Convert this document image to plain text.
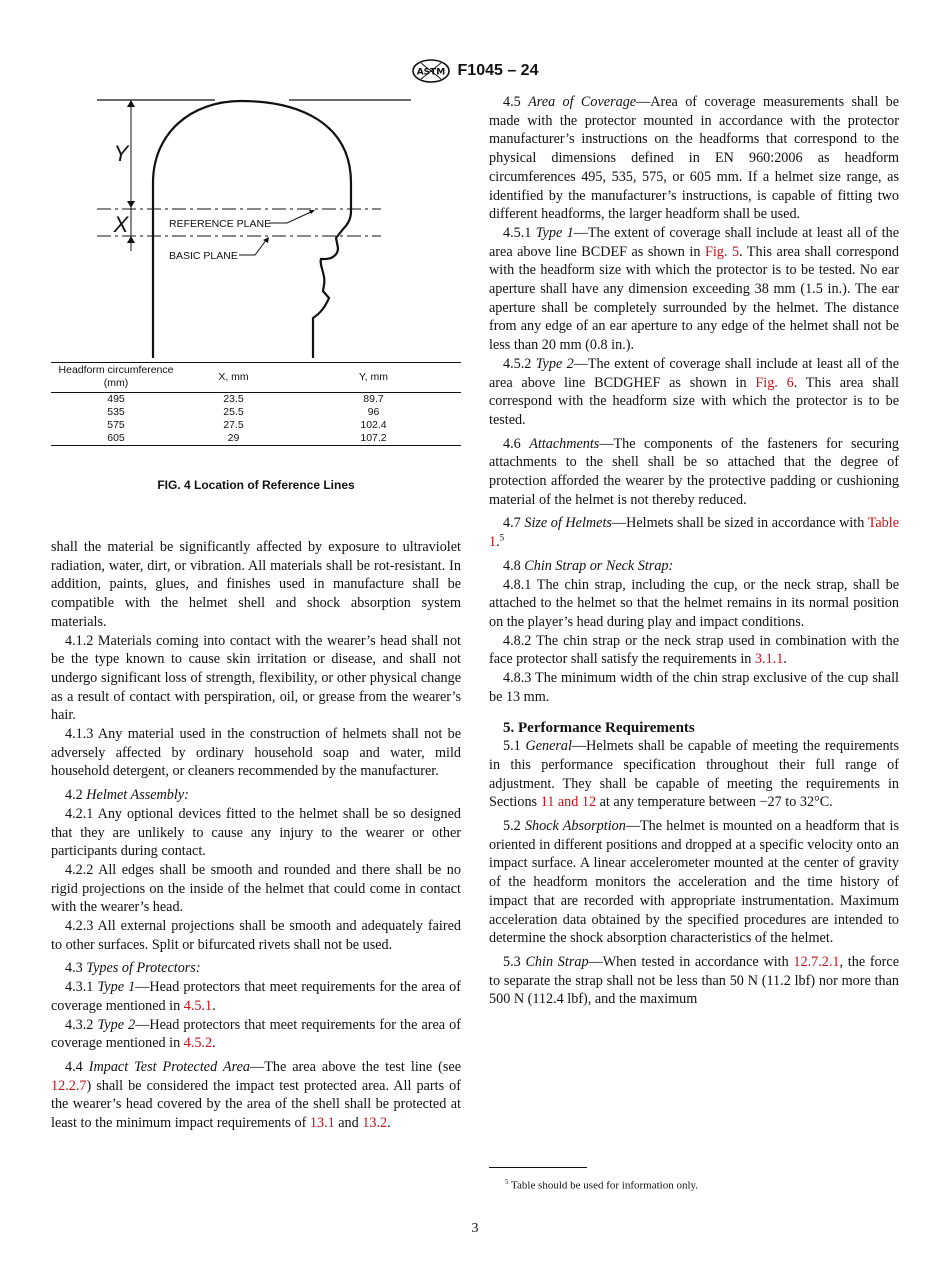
ASTM F1045 – 24
Y
X	REFERENCE PLANE
BASIC PLANE
Headform circumference (mm)	X, mm	Y, mm
495	23.5	89.7
535	25.5	96
575	27.5	102.4
605	29	107.2
FIG. 4 Location of Reference Lines

shall the material be significantly affected by exposure to ultraviolet radiation, water, dirt, or vibration. All materials shall be rot-resistant. In addition, paints, glues, and finishes used in manufacture shall be compatible with the helmet shell and shock absorption system materials.

4.1.2 Materials coming into contact with the wearer’s head shall not be the type known to cause skin irritation or disease, and shall not undergo significant loss of strength, flexibility, or other physical change as a result of contact with perspiration, oil, or grease from the wearer’s hair.

4.1.3 Any material used in the construction of helmets shall not be adversely affected by ordinary household soap and water, mild household detergent, or cleaners recommended by the manufacturer.

4.2 Helmet Assembly:

4.2.1 Any optional devices fitted to the helmet shall be so designed that they are unlikely to cause any injury to the wearer or other participants during contact.

4.2.2 All edges shall be smooth and rounded and there shall be no rigid projections on the inside of the helmet that could come in contact with the wearer’s head.

4.2.3 All external projections shall be smooth and adequately faired to other surfaces. Split or bifurcated rivets shall not be used.

4.3 Types of Protectors:

4.3.1 Type 1—Head protectors that meet requirements for the area of coverage mentioned in 4.5.1.

4.3.2 Type 2—Head protectors that meet requirements for the area of coverage mentioned in 4.5.2.

4.4 Impact Test Protected Area—The area above the test line (see 12.2.7) shall be considered the impact test protected area. All parts of the wearer’s head covered by the area of the shell shall be protected at least to the minimum impact requirements of 13.1 and 13.2.

4.5 Area of Coverage—Area of coverage measurements shall be made with the protector mounted in accordance with the protector manufacturer’s instructions on the headforms that correspond to the physical dimensions defined in EN 960:2006 as headform circumferences 495, 535, 575, or 605 mm. If a helmet size range, as identified by the manufacturer’s instructions, is capable of fitting two different headforms, the larger headform shall be used.

4.5.1 Type 1—The extent of coverage shall include at least all of the area above line BCDEF as shown in Fig. 5. This area shall correspond with the headform size with which the protector is to be tested. No ear aperture shall have any dimension exceeding 38 mm (1.5 in.). The ear aperture shall be completely surrounded by the helmet. The distance from any edge of an ear aperture to any edge of the helmet shall not be less than 20 mm (0.8 in.).

4.5.2 Type 2—The extent of coverage shall include at least all of the area above line BCDGHEF as shown in Fig. 6. This area shall correspond with the headform size with which the protector is to be tested.

4.6 Attachments—The components of the fasteners for securing attachments to the shell shall be so attached that the degree of protection afforded the wearer by the protective padding or cushioning material of the helmet is not thereby reduced.

4.7 Size of Helmets—Helmets shall be sized in accordance with Table 1.$^5$

4.8 Chin Strap or Neck Strap:

4.8.1 The chin strap, including the cup, or the neck strap, shall be attached to the helmet so that the helmet remains in its normal position on the player’s head during play and impact conditions.

4.8.2 The chin strap or the neck strap used in combination with the face protector shall satisfy the requirements in 3.1.1.

4.8.3 The minimum width of the chin strap exclusive of the cup shall be 13 mm.

5. Performance Requirements

5.1 General—Helmets shall be capable of meeting the requirements in this performance specification throughout their full range of adjustment. They shall be capable of meeting the requirements in Sections 11 and 12 at any temperature between −27 to 32°C.

5.2 Shock Absorption—The helmet is mounted on a headform that is oriented in different positions and dropped at a specific velocity onto an impact surface. A linear accelerometer mounted at the center of gravity of the headform monitors the acceleration and the time history of impact that are recorded with appropriate instrumentation. Maximum acceleration data obtained by the specified procedures are intended to determine the shock absorption characteristics of the helmet.

5.3 Chin Strap—When tested in accordance with 12.7.2.1, the force to separate the strap shall not be less than 50 N (11.2 lbf) nor more than 500 N (112.4 lbf), and the maximum

$^5$ Table should be used for information only.
3
